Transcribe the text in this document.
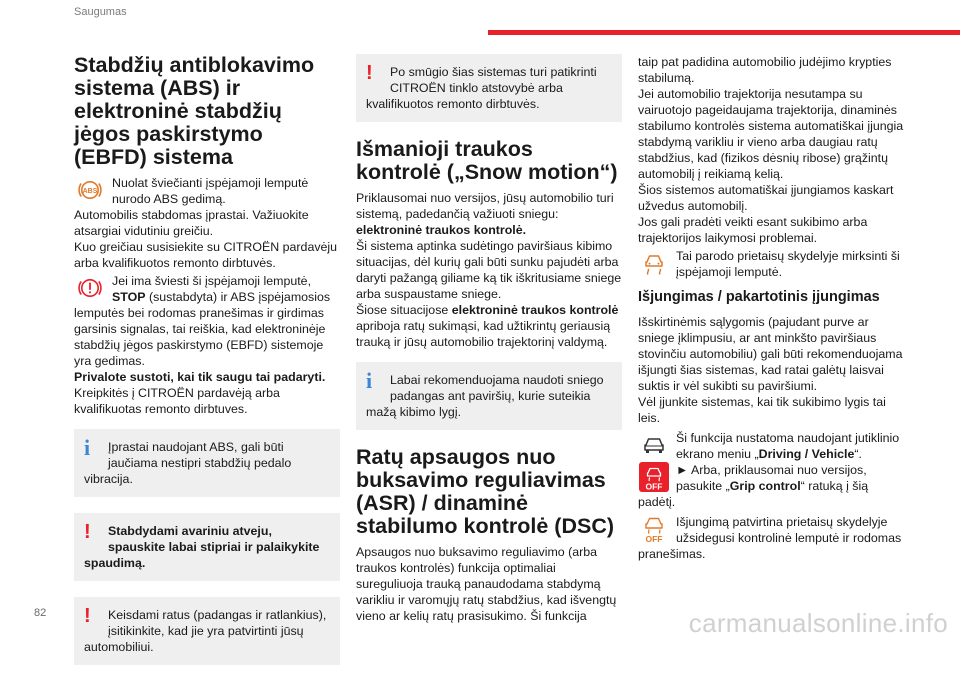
Saugumas
Stabdžių antiblokavimo sistema (ABS) ir elektroninė stabdžių jėgos paskirstymo (EBFD) sistema
ABS
Nuolat šviečianti įspėjamoji lemputė nurodo ABS gedimą.

Automobilis stabdomas įprastai. Važiuokite atsargiai vidutiniu greičiu.

Kuo greičiau susisiekite su CITROËN pardavėju arba kvalifikuotos remonto dirbtuvės.

Jei ima šviesti ši įspėjamoji lemputė, STOP (sustabdyta) ir ABS įspėjamosios lemputės bei rodomas pranešimas ir girdimas garsinis signalas, tai reiškia, kad elektroninėje stabdžių jėgos paskirstymo (EBFD) sistemoje yra gedimas.

Privalote sustoti, kai tik saugu tai padaryti.

Kreipkitės į CITROËN pardavėją arba kvalifikuotas remonto dirbtuves.

i	Įprastai naudojant ABS, gali būti jaučiama nestipri stabdžių pedalo vibracija.
!	Stabdydami avariniu atveju, spauskite labai stipriai ir palaikykite spaudimą.
!	Keisdami ratus (padangas ir ratlankius), įsitikinkite, kad jie yra patvirtinti jūsų automobiliui.
!	Po smūgio šias sistemas turi patikrinti CITROËN tinklo atstovybė arba kvalifikuotos remonto dirbtuvės.
Išmanioji traukos kontrolė („Snow motion“)

Priklausomai nuo versijos, jūsų automobilio turi sistemą, padedančią važiuoti sniegu:

elektroninė traukos kontrolė.

Ši sistema aptinka sudėtingo paviršiaus kibimo situacijas, dėl kurių gali būti sunku pajudėti arba daryti pažangą giliame ką tik iškritusiame sniege arba suspaustame sniege.

Šiose situacijose elektroninė traukos kontrolė apriboja ratų sukimąsi, kad užtikrintų geriausią trauką ir jūsų automobilio trajektorinį valdymą.

i	Labai rekomenduojama naudoti sniego padangas ant paviršių, kurie suteikia mažą kibimo lygį.
Ratų apsaugos nuo buksavimo reguliavimas (ASR) / dinaminė stabilumo kontrolė (DSC)

Apsaugos nuo buksavimo reguliavimo (arba traukos kontrolės) funkcija optimaliai sureguliuoja trauką panaudodama stabdymą varikliu ir varomųjų ratų stabdžius, kad išvengtų vieno ar kelių ratų prasisukimo. Ši funkcija

taip pat padidina automobilio judėjimo krypties stabilumą.

Jei automobilio trajektorija nesutampa su vairuotojo pageidaujama trajektorija, dinaminės stabilumo kontrolės sistema automatiškai įjungia stabdymą varikliu ir vieno arba daugiau ratų stabdžius, kad (fizikos dėsnių ribose) grąžintų automobilį į reikiamą kelią.

Šios sistemos automatiškai įjungiamos kaskart užvedus automobilį.

Jos gali pradėti veikti esant sukibimo arba trajektorijos laikymosi problemai.

Tai parodo prietaisų skydelyje mirksinti ši įspėjamoji lemputė.
Išjungimas / pakartotinis įjungimas

Išskirtinėmis sąlygomis (pajudant purve ar sniege įklimpusiu, ar ant minkšto paviršiaus stovinčiu automobiliu) gali būti rekomenduojama išjungti šias sistemas, kad ratai galėtų laisvai suktis ir vėl sukibti su paviršiumi.

Vėl įjunkite sistemas, kai tik sukibimo lygis tai leis.

OFF
Ši funkcija nustatoma naudojant jutiklinio ekrano meniu „Driving / Vehicle“.
► Arba, priklausomai nuo versijos, pasukite „Grip control“ ratuką į šią padėtį.
OFF
Išjungimą patvirtina prietaisų skydelyje užsidegusi kontrolinė lemputė ir rodomas pranešimas.
82	carmanualsonline.info
